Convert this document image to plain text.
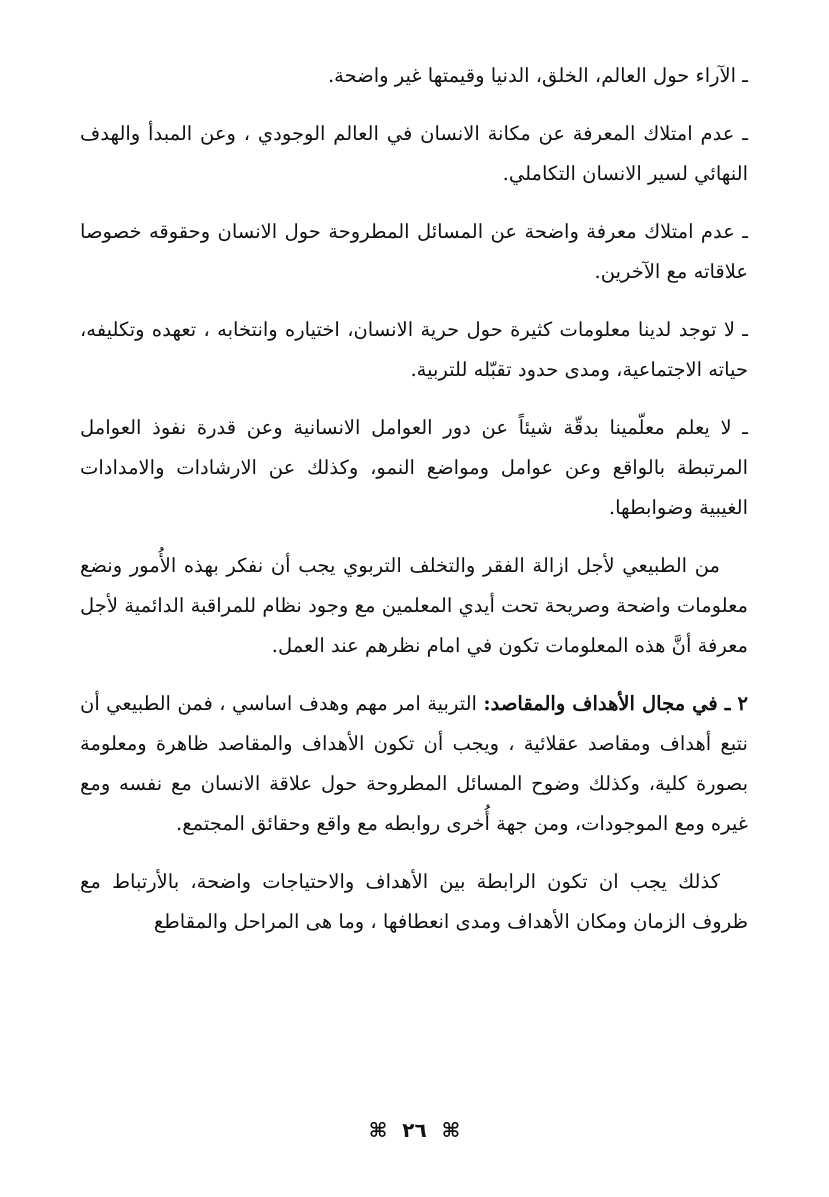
ـ الآراء حول العالم، الخلق، الدنيا وقيمتها غير واضحة.

ـ عدم امتلاك المعرفة عن مكانة الانسان في العالم الوجودي ، وعن المبدأ والهدف النهائي لسير الانسان التكاملي.

ـ عدم امتلاك معرفة واضحة عن المسائل المطروحة حول الانسان وحقوقه خصوصا علاقاته مع الآخرين.

ـ لا توجد لدينا معلومات كثيرة حول حرية الانسان، اختياره وانتخابه ، تعهده وتكليفه، حياته الاجتماعية، ومدى حدود تقبّله للتربية.

ـ لا يعلم معلّمينا بدقّة شيئاً عن دور العوامل الانسانية وعن قدرة نفوذ العوامل المرتبطة بالواقع وعن عوامل ومواضع النمو، وكذلك عن الارشادات والامدادات الغيبية وضوابطها.

من الطبيعي لأجل ازالة الفقر والتخلف التربوي يجب أن نفكر بهذه الأُمور ونضع معلومات واضحة وصريحة تحت أيدي المعلمين مع وجود نظام للمراقبة الدائمية لأجل معرفة أنَّ هذه المعلومات تكون في امام نظرهم عند العمل.

٢ ـ في مجال الأهداف والمقاصد: التربية امر مهم وهدف اساسي ، فمن الطبيعي أن نتبع أهداف ومقاصد عقلائية ، ويجب أن تكون الأهداف والمقاصد ظاهرة ومعلومة بصورة كلية، وكذلك وضوح المسائل المطروحة حول علاقة الانسان مع نفسه ومع غيره ومع الموجودات، ومن جهة أُخرى روابطه مع واقع وحقائق المجتمع.

كذلك يجب ان تكون الرابطة بين الأهداف والاحتياجات واضحة، بالأرتباط مع ظروف الزمان ومكان الأهداف ومدى انعطافها ، وما هى المراحل والمقاطع

⌘ ٢٦ ⌘
